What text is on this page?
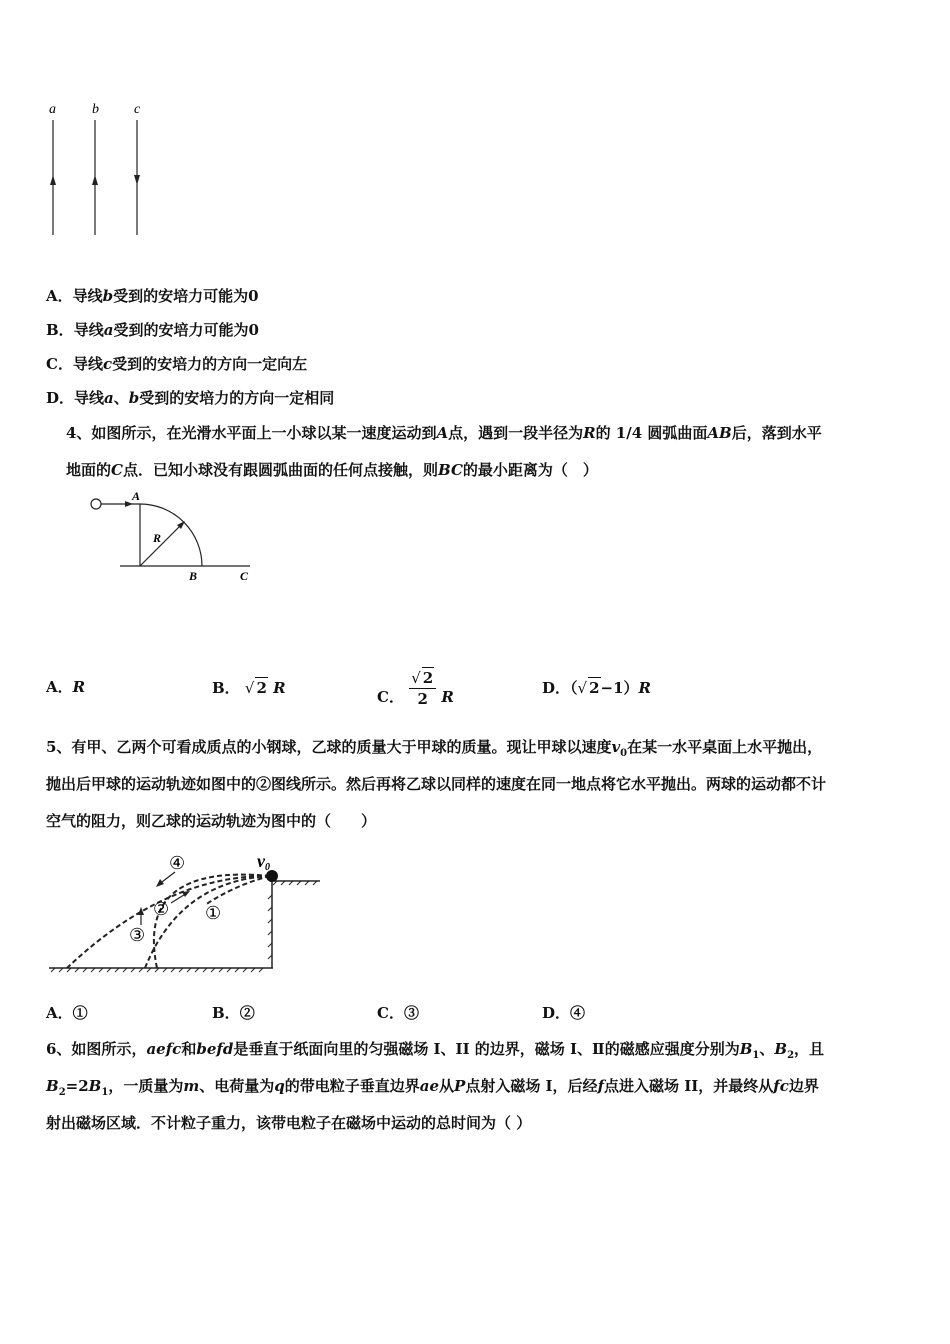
a	b	c
A．导线b受到的安培力可能为0
B．导线a受到的安培力可能为0
C．导线c受到的安培力的方向一定向左
D．导线a、b受到的安培力的方向一定相同
4、如图所示，在光滑水平面上一小球以某一速度运动到A点，遇到一段半径为R的 1/4 圆弧曲面AB后，落到水平
地面的C点．已知小球没有跟圆弧曲面的任何点接触，则BC的最小距离为（　）
A
R
B	C
A．R	B． √ 2 R	C． $\frac{√ 2}{2}$ R	D．（√ 2−1）R
5、有甲、乙两个可看成质点的小钢球，乙球的质量大于甲球的质量。现让甲球以速度$v_0$在某一水平桌面上水平抛出，
抛出后甲球的运动轨迹如图中的②图线所示。然后再将乙球以同样的速度在同一地点将它水平抛出。两球的运动都不计
空气的阻力，则乙球的运动轨迹为图中的（　　）
v0
④
② ①
③
A．①	B．②	C．③	D．④
6、如图所示，aefc和befd是垂直于纸面向里的匀强磁场 I、II 的边界，磁场 I、Ⅱ的磁感应强度分别为$B_1$、$B_2$，且
$B_2=2B_1$，一质量为m、电荷量为q的带电粒子垂直边界ae从P点射入磁场 I，后经f点进入磁场 II，并最终从fc边界
射出磁场区域．不计粒子重力，该带电粒子在磁场中运动的总时间为（ ）
